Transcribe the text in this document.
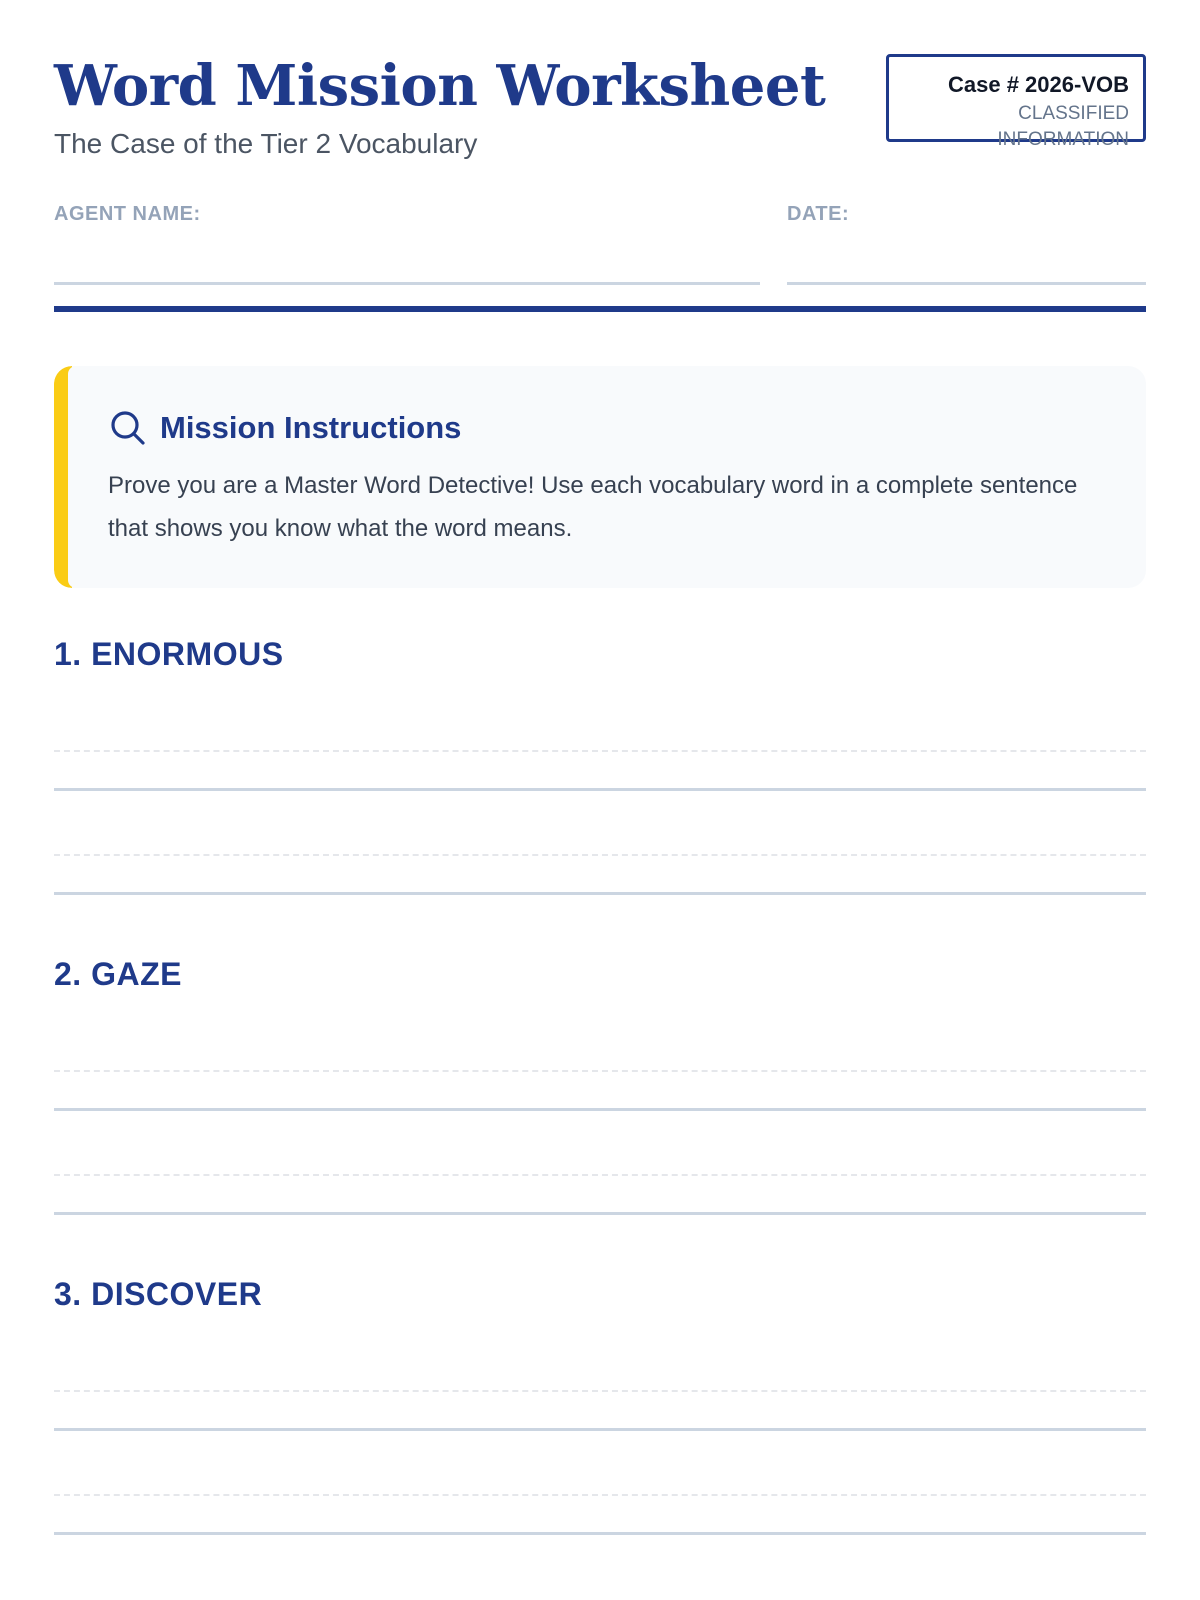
Word Mission Worksheet
The Case of the Tier 2 Vocabulary
Case # 2026-VOB
CLASSIFIED INFORMATION
AGENT NAME:	DATE:
Mission Instructions
Prove you are a Master Word Detective! Use each vocabulary word in a complete sentence that shows you know what the word means.
1. ENORMOUS
2. GAZE
3. DISCOVER
